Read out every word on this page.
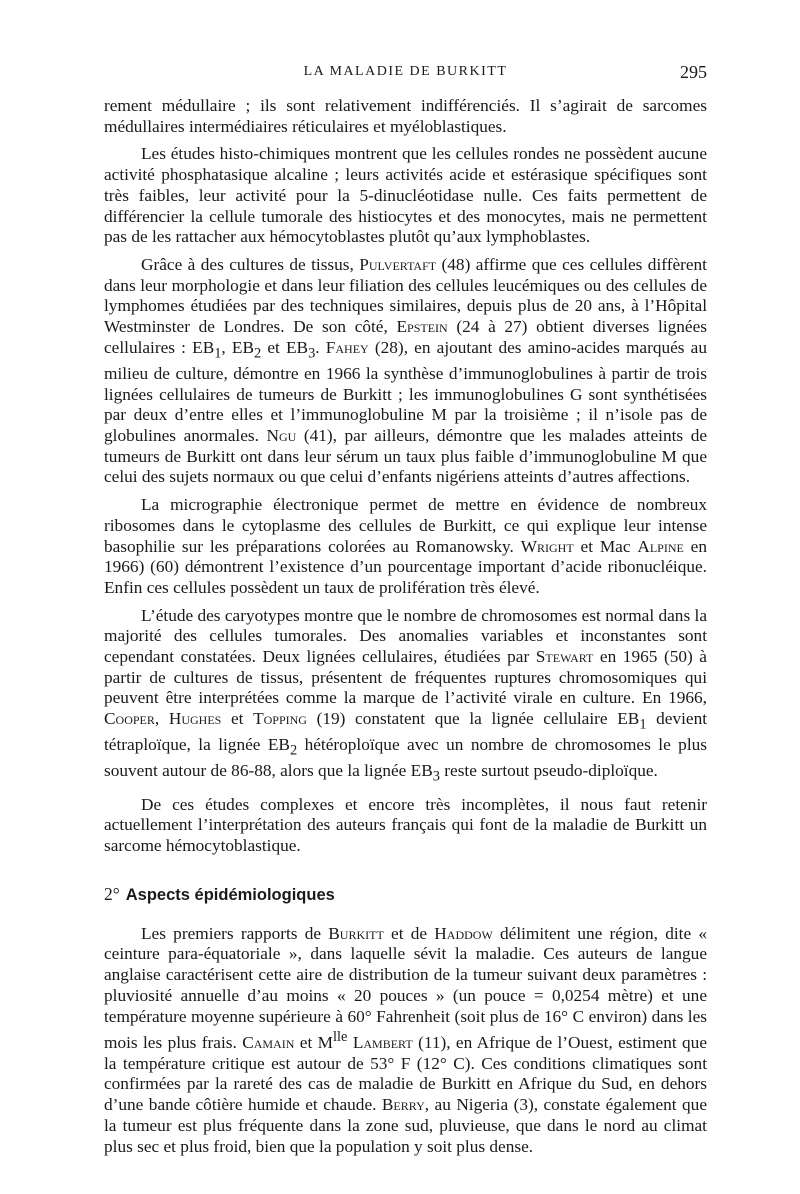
LA MALADIE DE BURKITT	295

rement médullaire ; ils sont relativement indifférenciés. Il s’agirait de sarcomes médullaires intermédiaires réticulaires et myéloblastiques.

Les études histo-chimiques montrent que les cellules rondes ne possèdent aucune activité phosphatasique alcaline ; leurs activités acide et estérasique spécifiques sont très faibles, leur activité pour la 5-dinucléotidase nulle. Ces faits permettent de différencier la cellule tumorale des histiocytes et des monocytes, mais ne permettent pas de les rattacher aux hémocytoblastes plutôt qu’aux lymphoblastes.

Grâce à des cultures de tissus, Pulvertaft (48) affirme que ces cellules diffèrent dans leur morphologie et dans leur filiation des cellules leucémiques ou des cellules de lymphomes étudiées par des techniques similaires, depuis plus de 20 ans, à l’Hôpital Westminster de Londres. De son côté, Epstein (24 à 27) obtient diverses lignées cellulaires : $EB_1$, $EB_2$ et $EB_3$. Fahey (28), en ajoutant des amino-acides marqués au milieu de culture, démontre en 1966 la synthèse d’immunoglobulines à partir de trois lignées cellulaires de tumeurs de Burkitt ; les immunoglobulines G sont synthétisées par deux d’entre elles et l’immunoglobuline M par la troisième ; il n’isole pas de globulines anormales. Ngu (41), par ailleurs, démontre que les malades atteints de tumeurs de Burkitt ont dans leur sérum un taux plus faible d’immunoglobuline M que celui des sujets normaux ou que celui d’enfants nigériens atteints d’autres affections.

La micrographie électronique permet de mettre en évidence de nombreux ribosomes dans le cytoplasme des cellules de Burkitt, ce qui explique leur intense basophilie sur les préparations colorées au Romanowsky. Wright et Mac Alpine en 1966) (60) démontrent l’existence d’un pourcentage important d’acide ribonucléique. Enfin ces cellules possèdent un taux de prolifération très élevé.

L’étude des caryotypes montre que le nombre de chromosomes est normal dans la majorité des cellules tumorales. Des anomalies variables et inconstantes sont cependant constatées. Deux lignées cellulaires, étudiées par Stewart en 1965 (50) à partir de cultures de tissus, présentent de fréquentes ruptures chromosomiques qui peuvent être interprétées comme la marque de l’activité virale en culture. En 1966, Cooper, Hughes et Topping (19) constatent que la lignée cellulaire $EB_1$ devient tétraploïque, la lignée $EB_2$ hétéroploïque avec un nombre de chromosomes le plus souvent autour de 86-88, alors que la lignée $EB_3$ reste surtout pseudo-diploïque.

De ces études complexes et encore très incomplètes, il nous faut retenir actuellement l’interprétation des auteurs français qui font de la maladie de Burkitt un sarcome hémocytoblastique.

2° Aspects épidémiologiques

Les premiers rapports de Burkitt et de Haddow délimitent une région, dite « ceinture para-équatoriale », dans laquelle sévit la maladie. Ces auteurs de langue anglaise caractérisent cette aire de distribution de la tumeur suivant deux paramètres : pluviosité annuelle d’au moins « 20 pouces » (un pouce = 0,0254 mètre) et une température moyenne supérieure à 60° Fahrenheit (soit plus de 16° C environ) dans les mois les plus frais. Camain et $M^{lle}$ Lambert (11), en Afrique de l’Ouest, estiment que la température critique est autour de 53° F (12° C). Ces conditions climatiques sont confirmées par la rareté des cas de maladie de Burkitt en Afrique du Sud, en dehors d’une bande côtière humide et chaude. Berry, au Nigeria (3), constate également que la tumeur est plus fréquente dans la zone sud, pluvieuse, que dans le nord au climat plus sec et plus froid, bien que la population y soit plus dense.
